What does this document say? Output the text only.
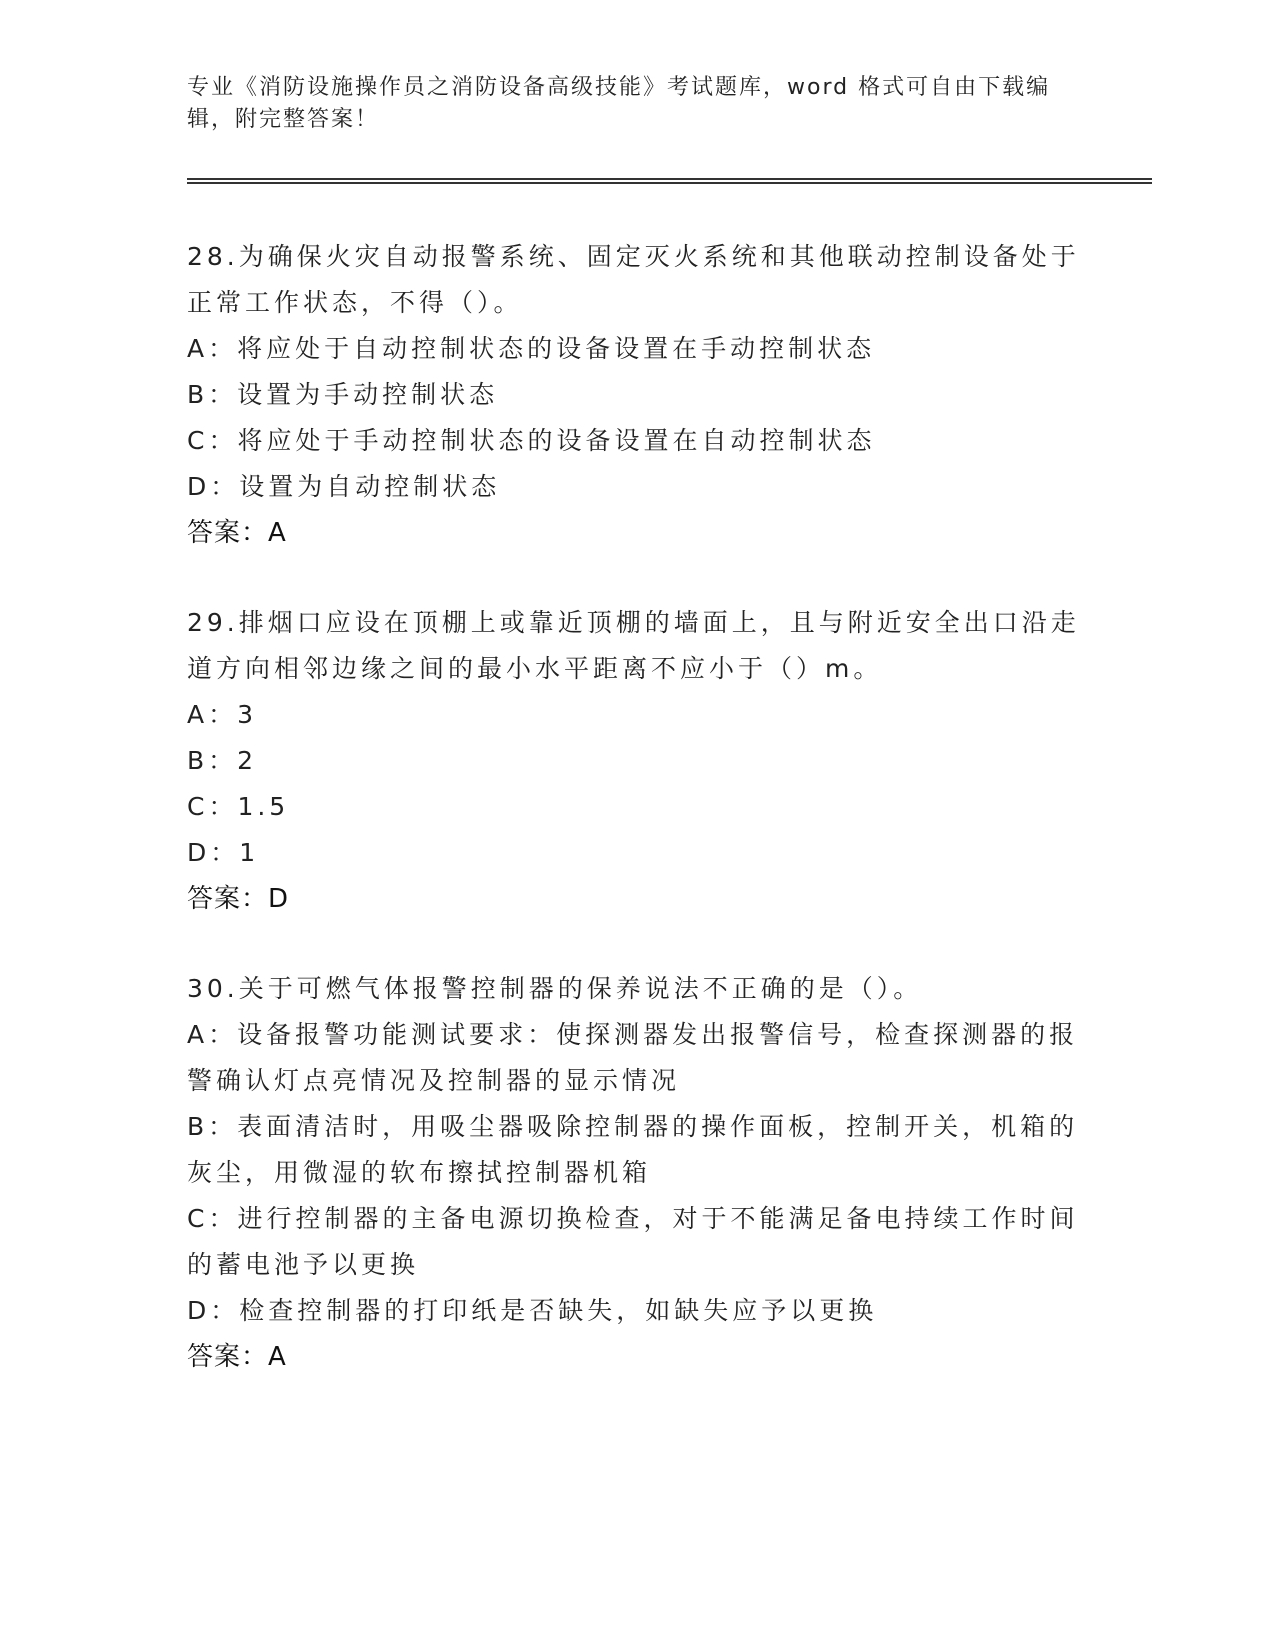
专业《消防设施操作员之消防设备高级技能》考试题库，word 格式可自由下载编
辑，附完整答案！

28.为确保火灾自动报警系统、固定灭火系统和其他联动控制设备处于

正常工作状态，不得（）。

A：将应处于自动控制状态的设备设置在手动控制状态

B：设置为手动控制状态

C：将应处于手动控制状态的设备设置在自动控制状态

D：设置为自动控制状态

答案：A

29.排烟口应设在顶棚上或靠近顶棚的墙面上，且与附近安全出口沿走

道方向相邻边缘之间的最小水平距离不应小于（）m。

A：3

B：2

C：1.5

D：1

答案：D

30.关于可燃气体报警控制器的保养说法不正确的是（）。

A：设备报警功能测试要求：使探测器发出报警信号，检查探测器的报

警确认灯点亮情况及控制器的显示情况

B：表面清洁时，用吸尘器吸除控制器的操作面板，控制开关，机箱的

灰尘，用微湿的软布擦拭控制器机箱

C：进行控制器的主备电源切换检查，对于不能满足备电持续工作时间

的蓄电池予以更换

D：检查控制器的打印纸是否缺失，如缺失应予以更换

答案：A
